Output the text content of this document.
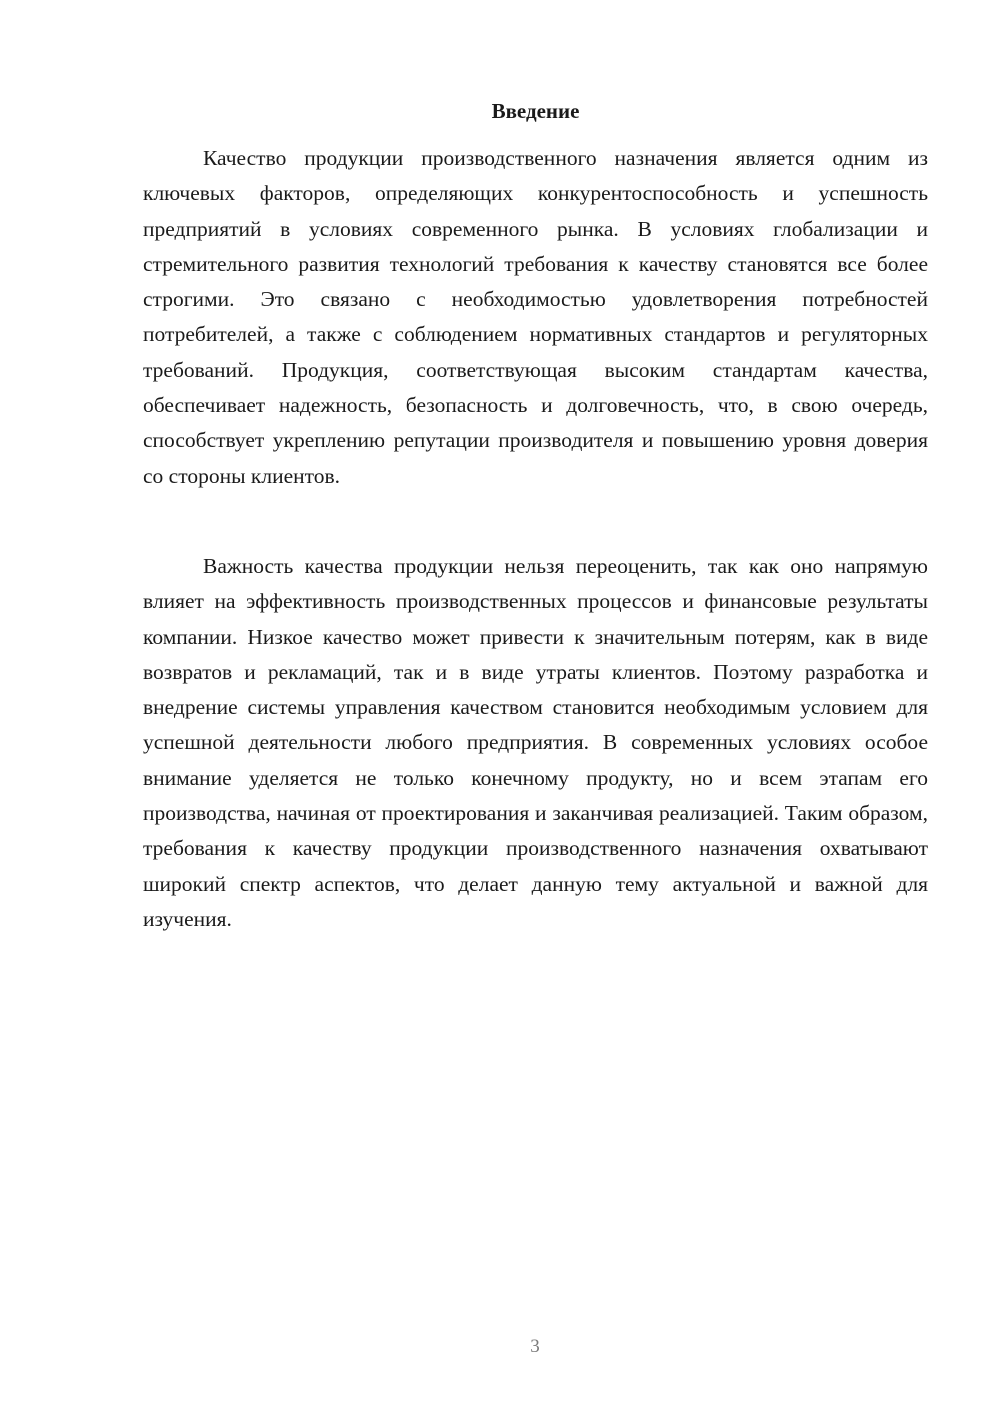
Введение

Качество продукции производственного назначения является одним из ключевых факторов, определяющих конкурентоспособность и успешность предприятий в условиях современного рынка. В условиях глобализации и стремительного развития технологий требования к качеству становятся все более строгими. Это связано с необходимостью удовлетворения потребностей потребителей, а также с соблюдением нормативных стандартов и регуляторных требований. Продукция, соответствующая высоким стандартам качества, обеспечивает надежность, безопасность и долговечность, что, в свою очередь, способствует укреплению репутации производителя и повышению уровня доверия со стороны клиентов.

Важность качества продукции нельзя переоценить, так как оно напрямую влияет на эффективность производственных процессов и финансовые результаты компании. Низкое качество может привести к значительным потерям, как в виде возвратов и рекламаций, так и в виде утраты клиентов. Поэтому разработка и внедрение системы управления качеством становится необходимым условием для успешной деятельности любого предприятия. В современных условиях особое внимание уделяется не только конечному продукту, но и всем этапам его производства, начиная от проектирования и заканчивая реализацией. Таким образом, требования к качеству продукции производственного назначения охватывают широкий спектр аспектов, что делает данную тему актуальной и важной для изучения.

3
